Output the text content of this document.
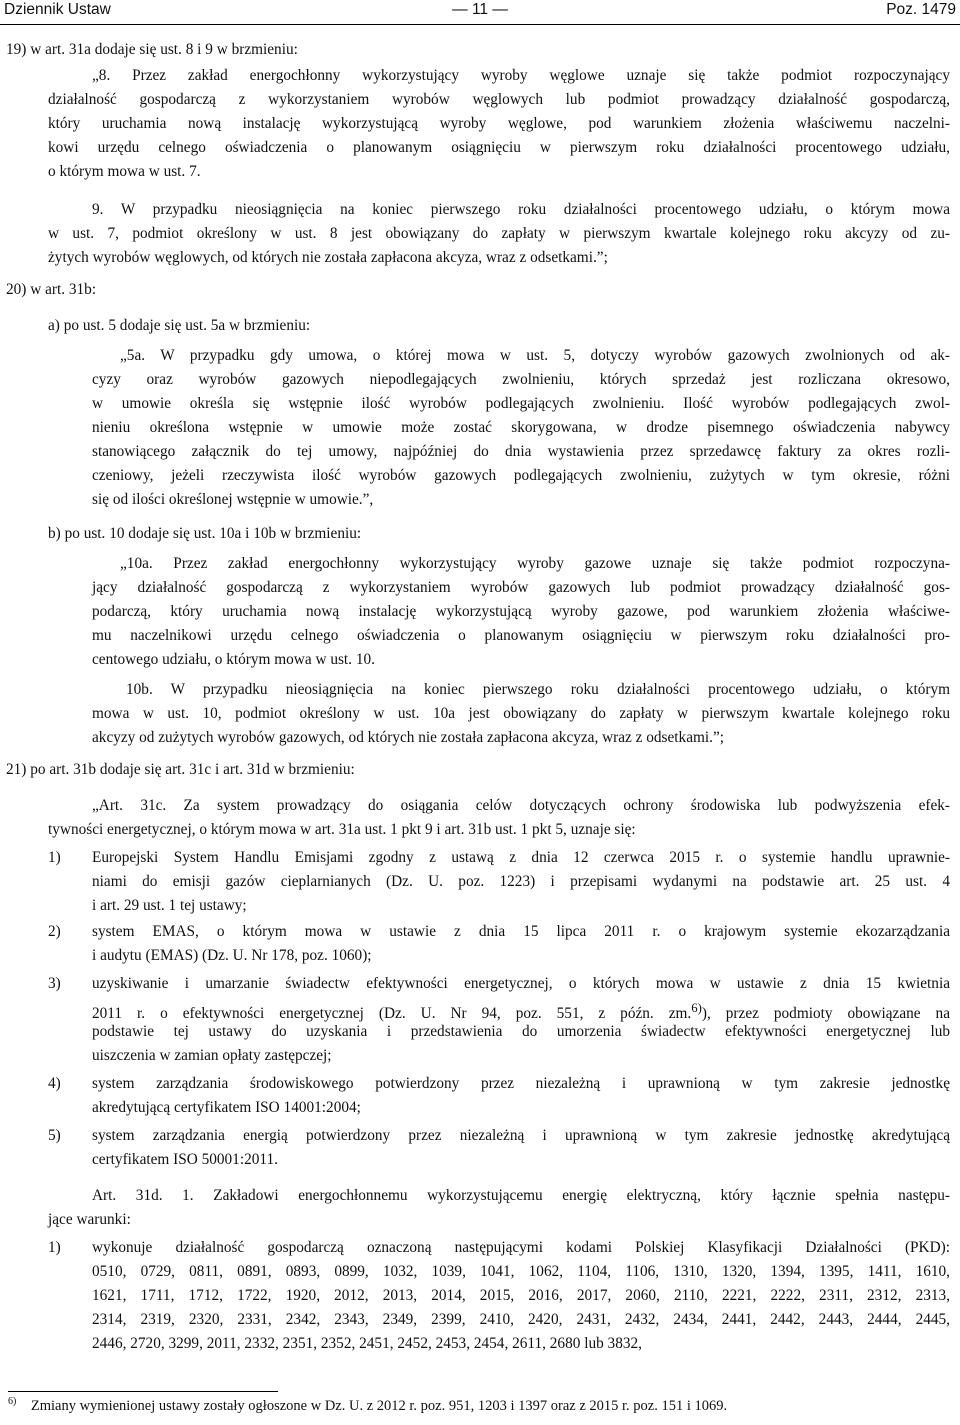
Dziennik Ustaw	— 11 —	Poz. 1479
19) w art. 31a dodaje się ust. 8 i 9 w brzmieniu:
„8. Przez zakład energochłonny wykorzystujący wyroby węglowe uznaje się także podmiot rozpoczynający
działalność gospodarczą z wykorzystaniem wyrobów węglowych lub podmiot prowadzący działalność gospodarczą,
który uruchamia nową instalację wykorzystującą wyroby węglowe, pod warunkiem złożenia właściwemu naczelni-
kowi urzędu celnego oświadczenia o planowanym osiągnięciu w pierwszym roku działalności procentowego udziału,
o którym mowa w ust. 7.
9. W przypadku nieosiągnięcia na koniec pierwszego roku działalności procentowego udziału, o którym mowa
w ust. 7, podmiot określony w ust. 8 jest obowiązany do zapłaty w pierwszym kwartale kolejnego roku akcyzy od zu-
żytych wyrobów węglowych, od których nie została zapłacona akcyza, wraz z odsetkami.”;
20) w art. 31b:
a) po ust. 5 dodaje się ust. 5a w brzmieniu:
„5a. W przypadku gdy umowa, o której mowa w ust. 5, dotyczy wyrobów gazowych zwolnionych od ak-
cyzy oraz wyrobów gazowych niepodlegających zwolnieniu, których sprzedaż jest rozliczana okresowo,
w umowie określa się wstępnie ilość wyrobów podlegających zwolnieniu. Ilość wyrobów podlegających zwol-
nieniu określona wstępnie w umowie może zostać skorygowana, w drodze pisemnego oświadczenia nabywcy
stanowiącego załącznik do tej umowy, najpóźniej do dnia wystawienia przez sprzedawcę faktury za okres rozli-
czeniowy, jeżeli rzeczywista ilość wyrobów gazowych podlegających zwolnieniu, zużytych w tym okresie, różni
się od ilości określonej wstępnie w umowie.”,
b) po ust. 10 dodaje się ust. 10a i 10b w brzmieniu:
„10a. Przez zakład energochłonny wykorzystujący wyroby gazowe uznaje się także podmiot rozpoczyna-
jący działalność gospodarczą z wykorzystaniem wyrobów gazowych lub podmiot prowadzący działalność gos-
podarczą, który uruchamia nową instalację wykorzystującą wyroby gazowe, pod warunkiem złożenia właściwe-
mu naczelnikowi urzędu celnego oświadczenia o planowanym osiągnięciu w pierwszym roku działalności pro-
centowego udziału, o którym mowa w ust. 10.
10b. W przypadku nieosiągnięcia na koniec pierwszego roku działalności procentowego udziału, o którym
mowa w ust. 10, podmiot określony w ust. 10a jest obowiązany do zapłaty w pierwszym kwartale kolejnego roku
akcyzy od zużytych wyrobów gazowych, od których nie została zapłacona akcyza, wraz z odsetkami.”;
21) po art. 31b dodaje się art. 31c i art. 31d w brzmieniu:
„Art. 31c. Za system prowadzący do osiągania celów dotyczących ochrony środowiska lub podwyższenia efek-
tywności energetycznej, o którym mowa w art. 31a ust. 1 pkt 9 i art. 31b ust. 1 pkt 5, uznaje się:
1) Europejski System Handlu Emisjami zgodny z ustawą z dnia 12 czerwca 2015 r. o systemie handlu uprawnie-
niami do emisji gazów cieplarnianych (Dz. U. poz. 1223) i przepisami wydanymi na podstawie art. 25 ust. 4
i art. 29 ust. 1 tej ustawy;
2) system EMAS, o którym mowa w ustawie z dnia 15 lipca 2011 r. o krajowym systemie ekozarządzania
i audytu (EMAS) (Dz. U. Nr 178, poz. 1060);
3) uzyskiwanie i umarzanie świadectw efektywności energetycznej, o których mowa w ustawie z dnia 15 kwietnia
2011 r. o efektywności energetycznej (Dz. U. Nr 94, poz. 551, z późn. zm.$^{6)}$), przez podmioty obowiązane na
podstawie tej ustawy do uzyskania i przedstawienia do umorzenia świadectw efektywności energetycznej lub
uiszczenia w zamian opłaty zastępczej;
4) system zarządzania środowiskowego potwierdzony przez niezależną i uprawnioną w tym zakresie jednostkę
akredytującą certyfikatem ISO 14001:2004;
5) system zarządzania energią potwierdzony przez niezależną i uprawnioną w tym zakresie jednostkę akredytującą
certyfikatem ISO 50001:2011.
Art. 31d. 1. Zakładowi energochłonnemu wykorzystującemu energię elektryczną, który łącznie spełnia następu-
jące warunki:
1) wykonuje działalność gospodarczą oznaczoną następującymi kodami Polskiej Klasyfikacji Działalności (PKD):
0510, 0729, 0811, 0891, 0893, 0899, 1032, 1039, 1041, 1062, 1104, 1106, 1310, 1320, 1394, 1395, 1411, 1610,
1621, 1711, 1712, 1722, 1920, 2012, 2013, 2014, 2015, 2016, 2017, 2060, 2110, 2221, 2222, 2311, 2312, 2313,
2314, 2319, 2320, 2331, 2342, 2343, 2349, 2399, 2410, 2420, 2431, 2432, 2434, 2441, 2442, 2443, 2444, 2445,
2446, 2720, 3299, 2011, 2332, 2351, 2352, 2451, 2452, 2453, 2454, 2611, 2680 lub 3832,
$^{6)}$ Zmiany wymienionej ustawy zostały ogłoszone w Dz. U. z 2012 r. poz. 951, 1203 i 1397 oraz z 2015 r. poz. 151 i 1069.
